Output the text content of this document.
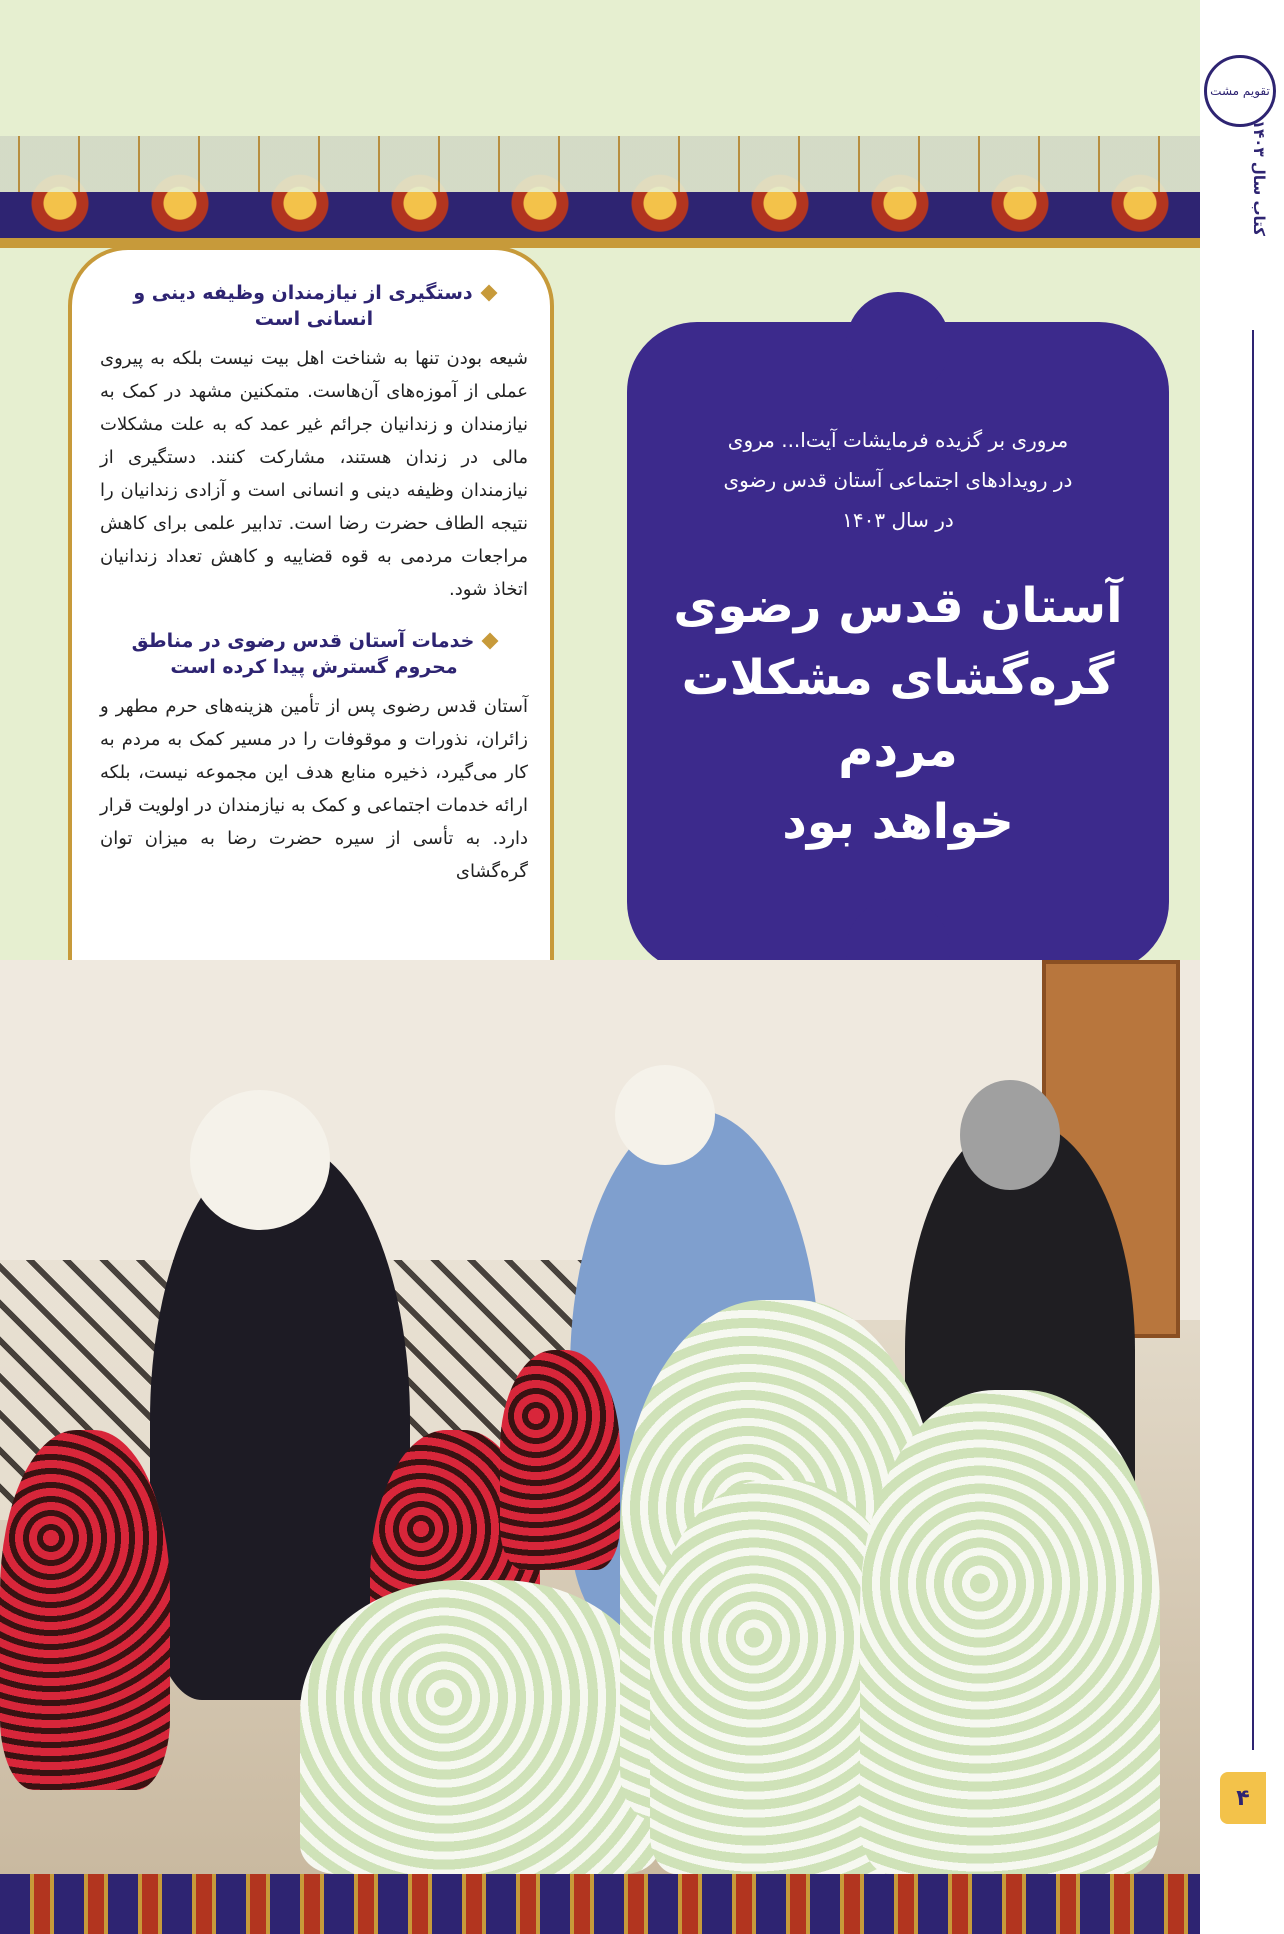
دستگیری از نیازمندان وظیفه دینی و انسانی است
شیعه بودن تنها به شناخت اهل بیت نیست بلکه به پیروی عملی از آموزه‌های آن‌هاست. متمکنین مشهد در کمک به نیازمندان و زندانیان جرائم غیر عمد که به علت مشکلات مالی در زندان هستند، مشارکت کنند. دستگیری از نیازمندان وظیفه دینی و انسانی است و آزادی زندانیان را نتیجه الطاف حضرت رضا است. تدابیر علمی برای کاهش مراجعات مردمی به قوه قضاییه و کاهش تعداد زندانیان اتخاذ شود.
خدمات آستان قدس رضوی در مناطق محروم گسترش پیدا کرده است
آستان قدس رضوی پس از تأمین هزینه‌های حرم مطهر و زائران، نذورات و موقوفات را در مسیر کمک به مردم به کار می‌گیرد، ذخیره منابع هدف این مجموعه نیست، بلکه ارائه خدمات اجتماعی و کمک به نیازمندان در اولویت قرار دارد. به تأسی از سیره حضرت رضا به میزان توان گره‌گشای
مروری بر گزیده فرمایشات آیت‌ا... مروی
در رویدادهای اجتماعی آستان قدس رضوی
در سال ۱۴۰۳
آستان قدس رضوی
گره‌گشای مشکلات مردم
خواهد بود
تقویم مشت
کتاب سال ۱۴۰۳
۴
